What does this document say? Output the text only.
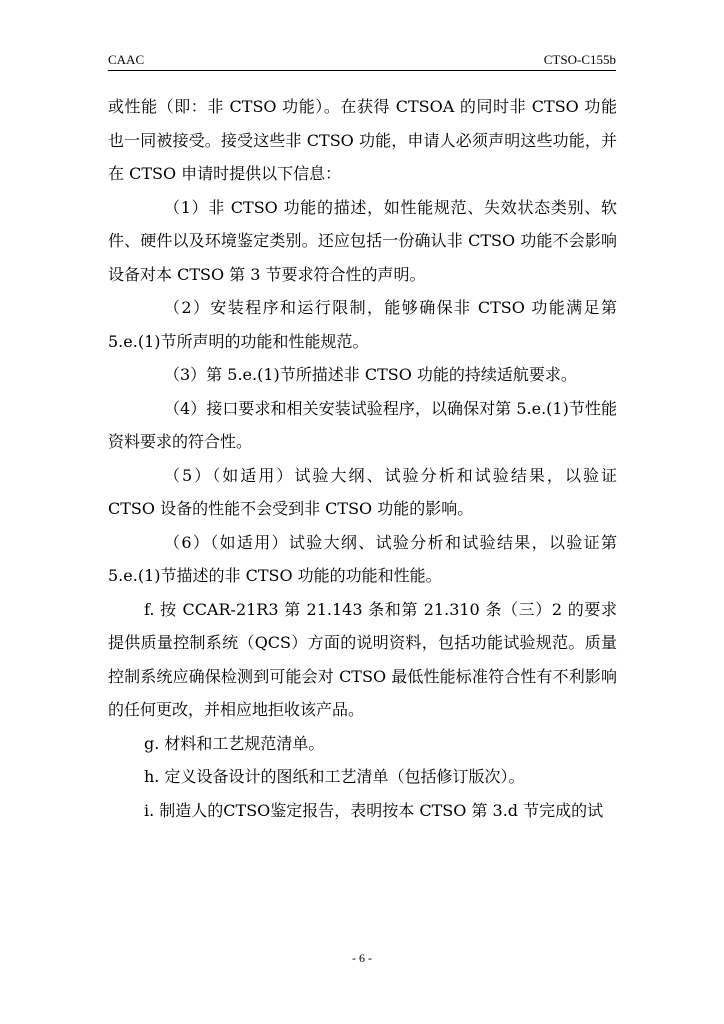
CAAC	CTSO-C155b

或性能（即：非 CTSO 功能）。在获得 CTSOA 的同时非 CTSO 功能也一同被接受。接受这些非 CTSO 功能，申请人必须声明这些功能，并在 CTSO 申请时提供以下信息：

（1）非 CTSO 功能的描述，如性能规范、失效状态类别、软件、硬件以及环境鉴定类别。还应包括一份确认非 CTSO 功能不会影响设备对本 CTSO 第 3 节要求符合性的声明。

（2）安装程序和运行限制，能够确保非 CTSO 功能满足第 5.e.(1)节所声明的功能和性能规范。

（3）第 5.e.(1)节所描述非 CTSO 功能的持续适航要求。

（4）接口要求和相关安装试验程序，以确保对第 5.e.(1)节性能资料要求的符合性。

（5）（如适用）试验大纲、试验分析和试验结果，以验证 CTSO 设备的性能不会受到非 CTSO 功能的影响。

（6）（如适用）试验大纲、试验分析和试验结果，以验证第 5.e.(1)节描述的非 CTSO 功能的功能和性能。

f. 按 CCAR-21R3 第 21.143 条和第 21.310 条（三）2 的要求提供质量控制系统（QCS）方面的说明资料，包括功能试验规范。质量控制系统应确保检测到可能会对 CTSO 最低性能标准符合性有不利影响的任何更改，并相应地拒收该产品。

g. 材料和工艺规范清单。

h. 定义设备设计的图纸和工艺清单（包括修订版次）。

i. 制造人的CTSO鉴定报告，表明按本 CTSO 第 3.d 节完成的试

- 6 -
